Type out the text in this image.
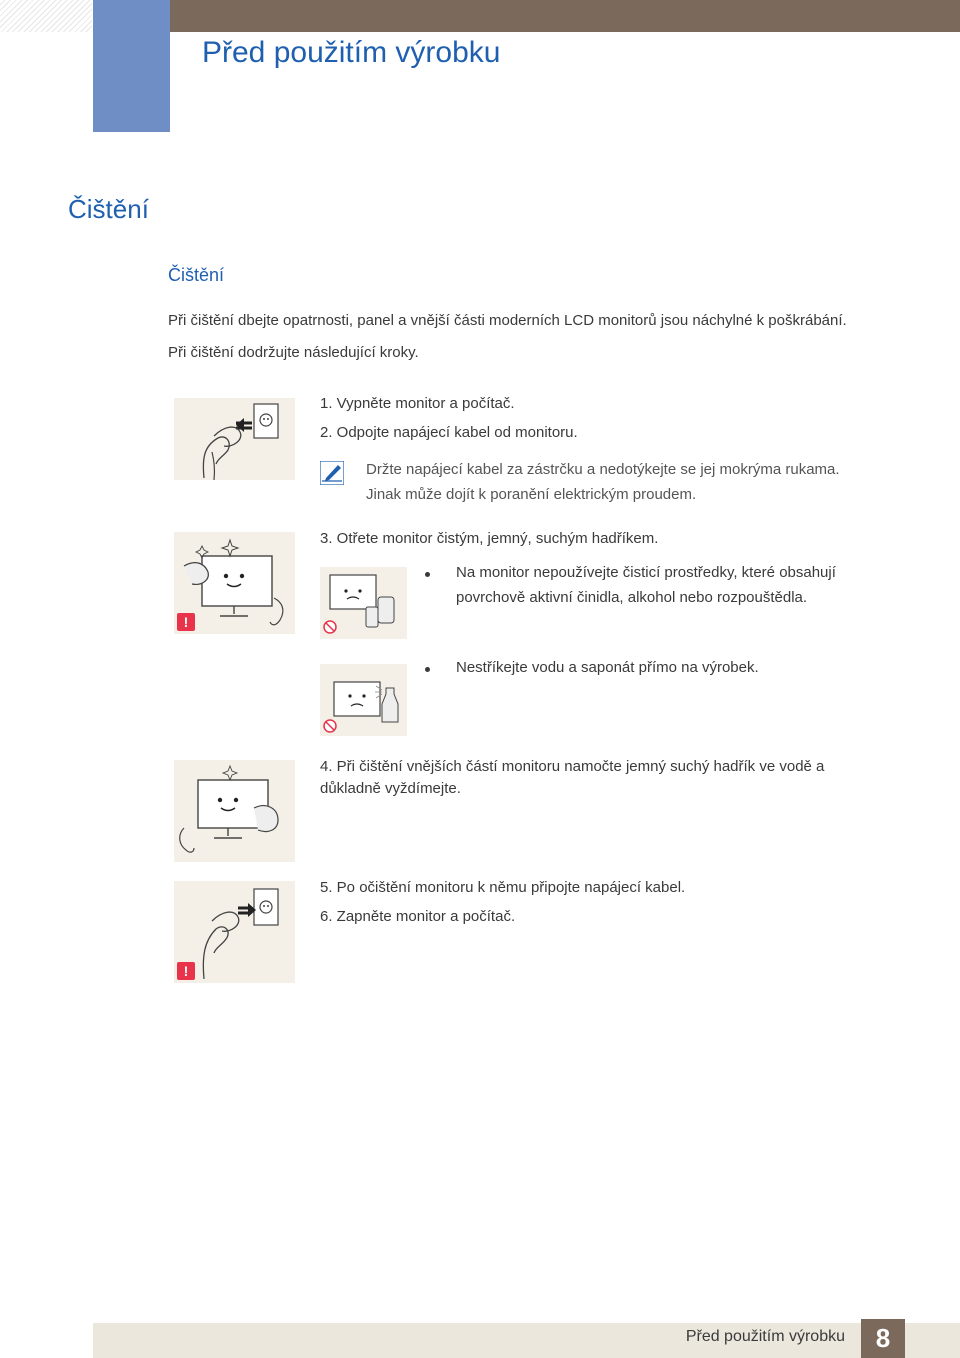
Před použitím výrobku
Čištění
Čištění
Při čištění dbejte opatrnosti, panel a vnější části moderních LCD monitorů jsou náchylné k poškrábání.
Při čištění dodržujte následující kroky.
1. Vypněte monitor a počítač.
2. Odpojte napájecí kabel od monitoru.
Držte napájecí kabel za zástrčku a nedotýkejte se jej mokrýma rukama.
Jinak může dojít k poranění elektrickým proudem.
!
3. Otřete monitor čistým, jemný, suchým hadříkem.
Na monitor nepoužívejte čisticí prostředky, které obsahují
povrchově aktivní činidla, alkohol nebo rozpouštědla.
Nestříkejte vodu a saponát přímo na výrobek.
4. Při čištění vnějších částí monitoru namočte jemný suchý hadřík ve vodě a
důkladně vyždímejte.
!
5. Po očištění monitoru k němu připojte napájecí kabel.
6. Zapněte monitor a počítač.
Před použitím výrobku	8
